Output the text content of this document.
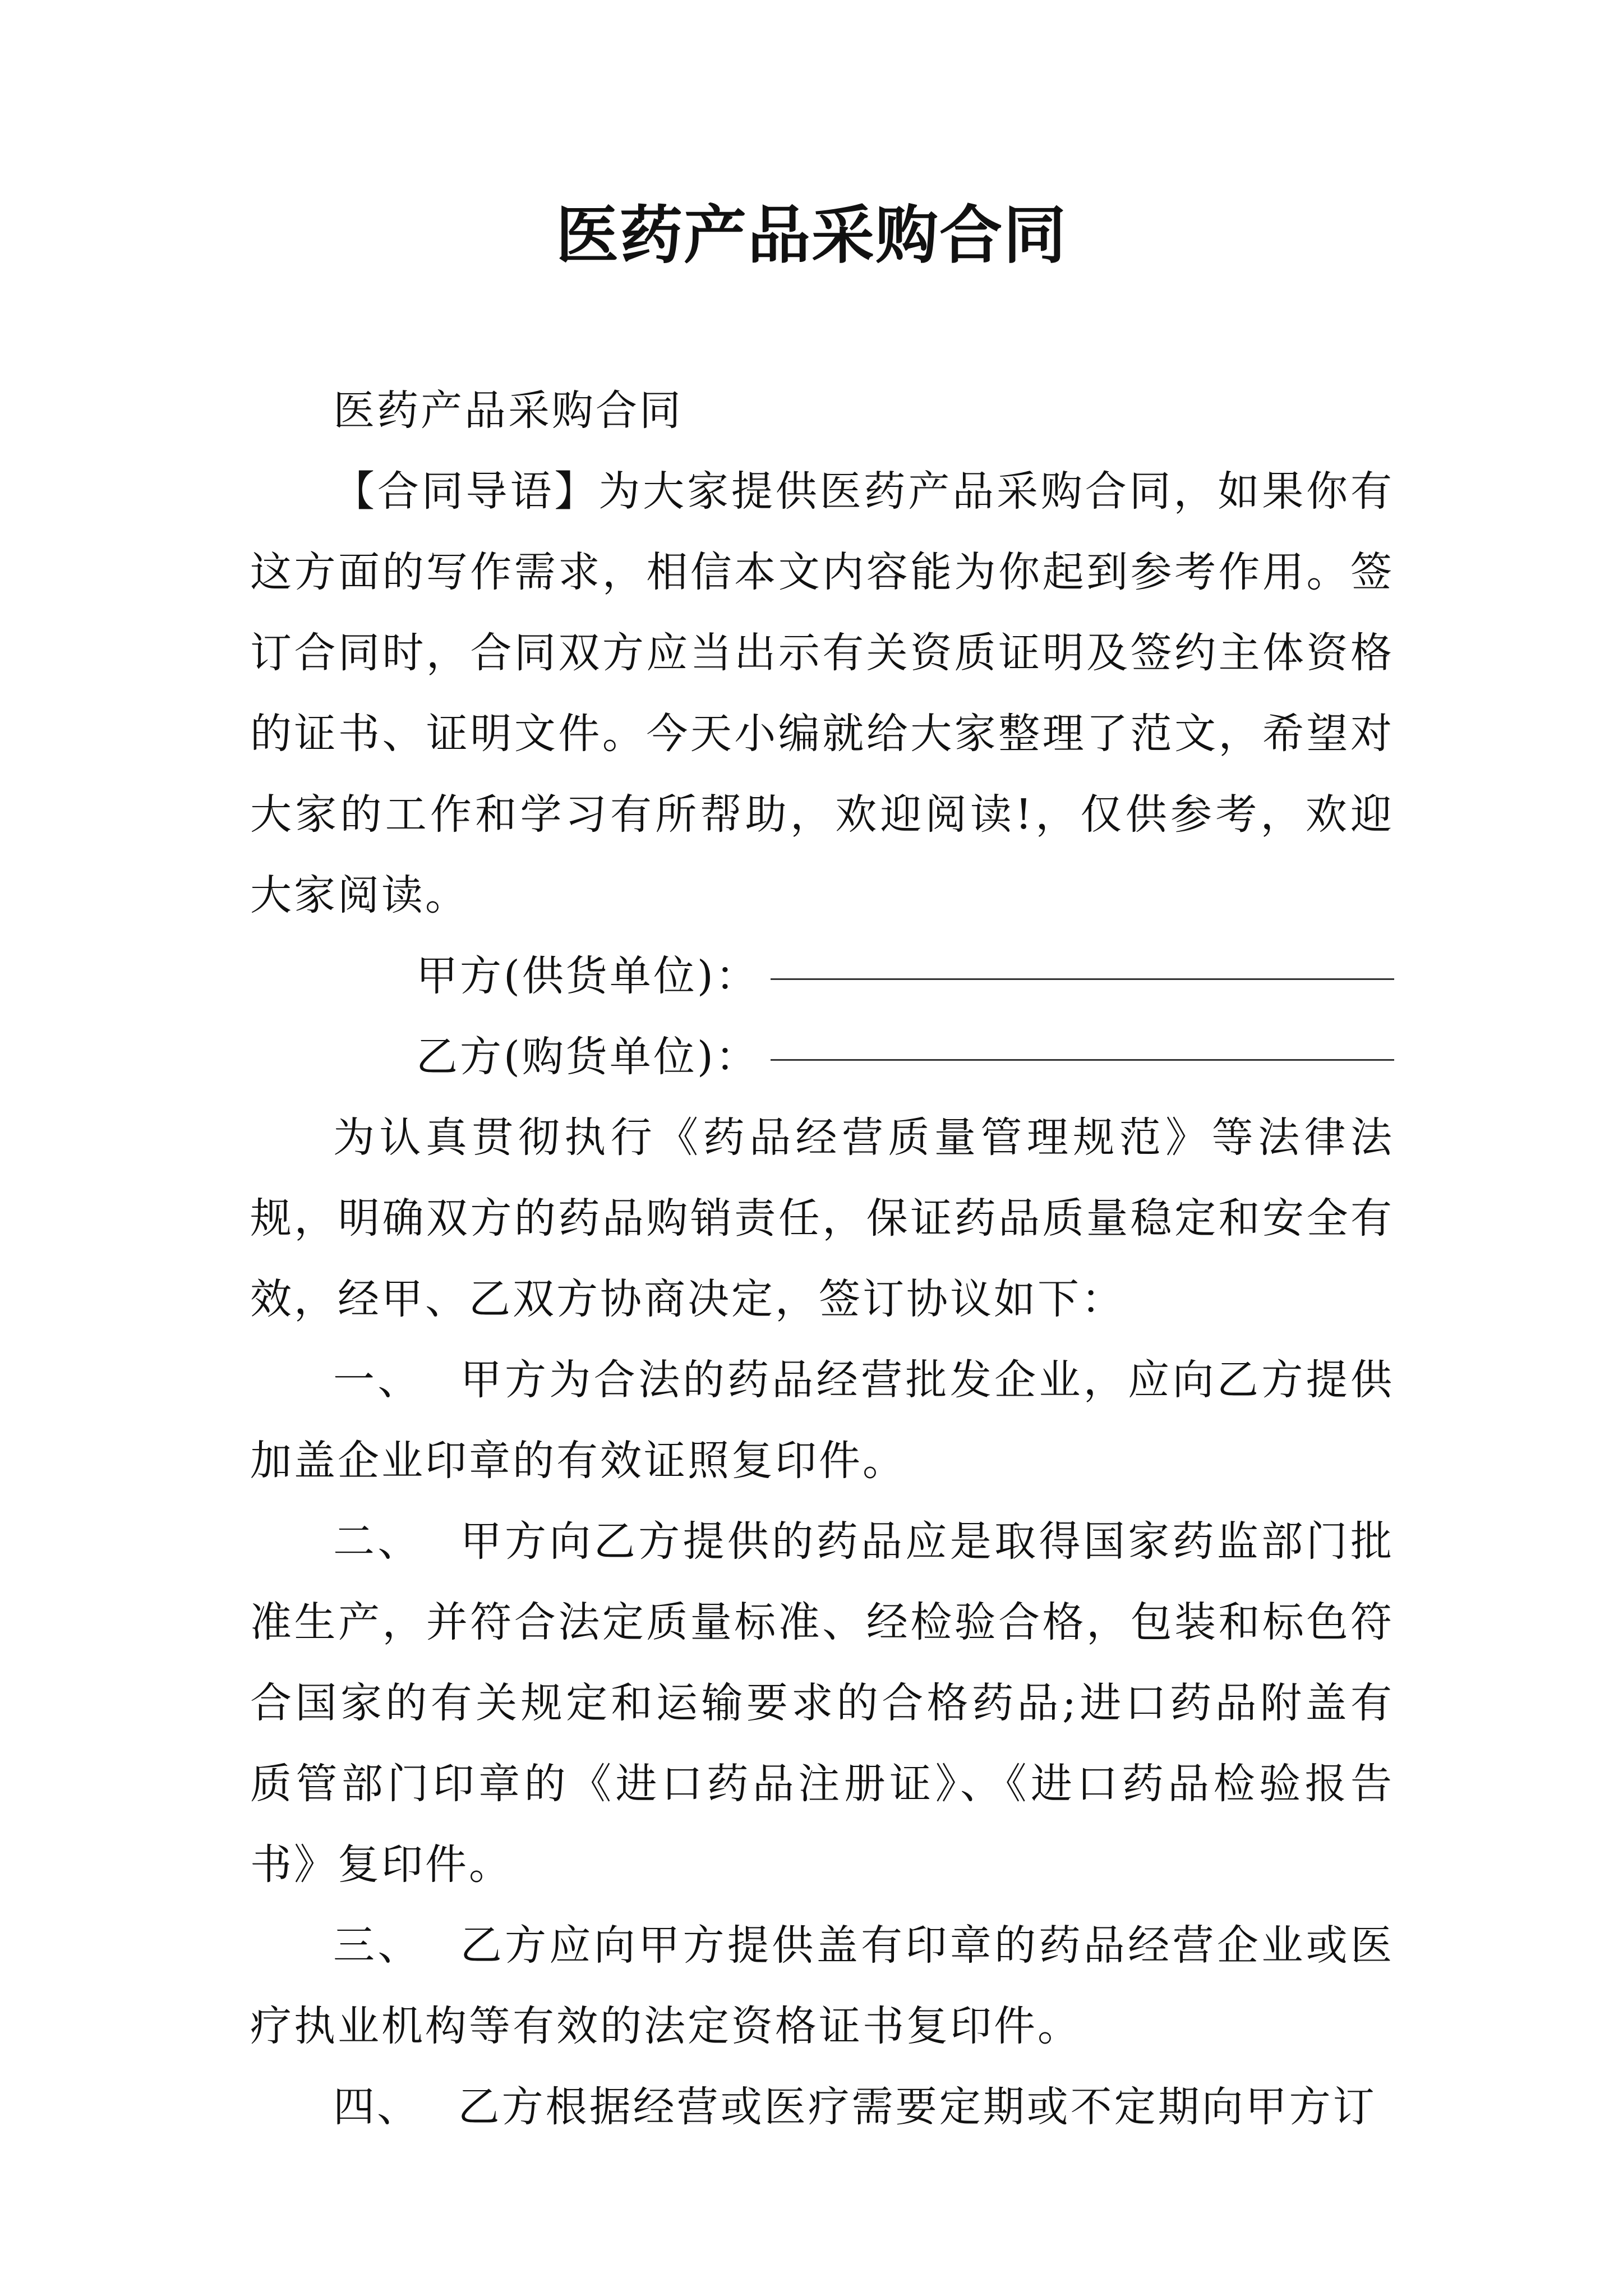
医药产品采购合同

医药产品采购合同

【合同导语】为大家提供医药产品采购合同，如果你有这方面的写作需求，相信本文内容能为你起到参考作用。签订合同时，合同双方应当出示有关资质证明及签约主体资格的证书、证明文件。今天小编就给大家整理了范文，希望对大家的工作和学习有所帮助，欢迎阅读!，仅供参考，欢迎大家阅读。

甲方(供货单位)：

乙方(购货单位)：

为认真贯彻执行《药品经营质量管理规范》等法律法规，明确双方的药品购销责任，保证药品质量稳定和安全有效，经甲、乙双方协商决定，签订协议如下：

一、 甲方为合法的药品经营批发企业，应向乙方提供加盖企业印章的有效证照复印件。

二、 甲方向乙方提供的药品应是取得国家药监部门批准生产，并符合法定质量标准、经检验合格，包装和标色符合国家的有关规定和运输要求的合格药品;进口药品附盖有质管部门印章的《进口药品注册证》、《进口药品检验报告书》复印件。

三、 乙方应向甲方提供盖有印章的药品经营企业或医疗执业机构等有效的法定资格证书复印件。

四、 乙方根据经营或医疗需要定期或不定期向甲方订
